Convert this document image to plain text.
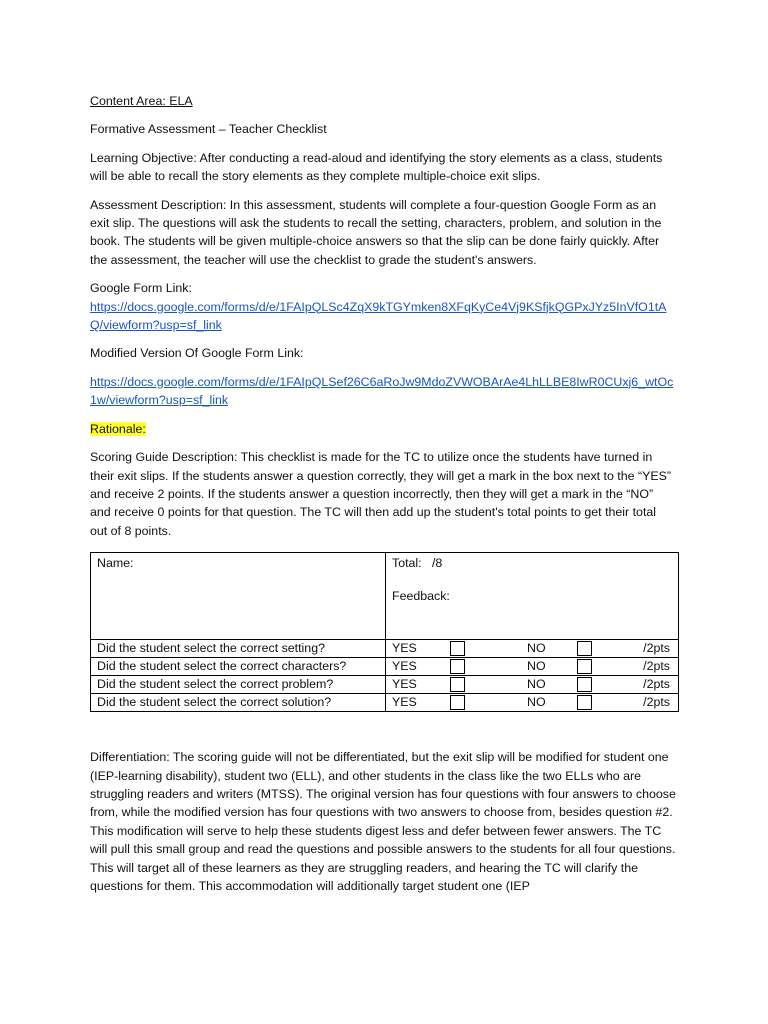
Content Area: ELA

Formative Assessment – Teacher Checklist

Learning Objective: After conducting a read-aloud and identifying the story elements as a class, students will be able to recall the story elements as they complete multiple-choice exit slips.

Assessment Description: In this assessment, students will complete a four-question Google Form as an exit slip. The questions will ask the students to recall the setting, characters, problem, and solution in the book. The students will be given multiple-choice answers so that the slip can be done fairly quickly. After the assessment, the teacher will use the checklist to grade the student's answers.

Google Form Link:
https://docs.google.com/forms/d/e/1FAIpQLSc4ZqX9kTGYmken8XFqKyCe4Vj9KSfjkQGPxJYz5InVfO1tAQ/viewform?usp=sf_link

Modified Version Of Google Form Link:

https://docs.google.com/forms/d/e/1FAIpQLSef26C6aRoJw9MdoZVWOBArAe4LhLLBE8IwR0CUxj6_wtOc1w/viewform?usp=sf_link

Rationale:

Scoring Guide Description: This checklist is made for the TC to utilize once the students have turned in their exit slips. If the students answer a question correctly, they will get a mark in the box next to the “YES” and receive 2 points. If the students answer a question incorrectly, then they will get a mark in the “NO” and receive 0 points for that question. The TC will then add up the student's total points to get their total out of 8 points.

Name:	Total:   /8
Feedback:

Did the student select the correct setting?	YES NO /2pts

Did the student select the correct characters?	YES NO /2pts

Did the student select the correct problem?	YES NO /2pts

Did the student select the correct solution?	YES NO /2pts

Differentiation: The scoring guide will not be differentiated, but the exit slip will be modified for student one (IEP-learning disability), student two (ELL), and other students in the class like the two ELLs who are struggling readers and writers (MTSS). The original version has four questions with four answers to choose from, while the modified version has four questions with two answers to choose from, besides question #2. This modification will serve to help these students digest less and defer between fewer answers. The TC will pull this small group and read the questions and possible answers to the students for all four questions. This will target all of these learners as they are struggling readers, and hearing the TC will clarify the questions for them. This accommodation will additionally target student one (IEP
